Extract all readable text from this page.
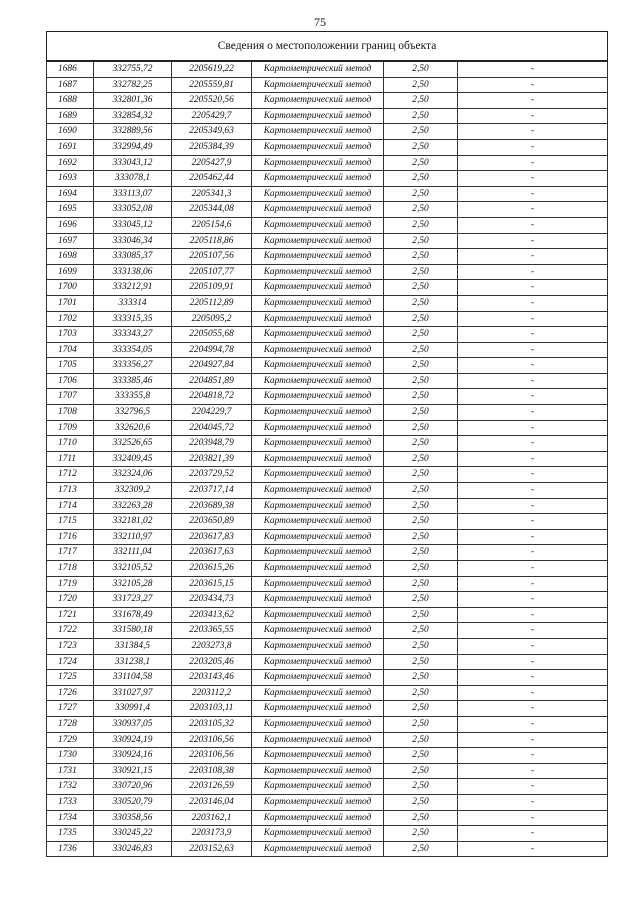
75
Сведения о местоположении границ объекта					
1686	332755,72	2205619,22	Картометрический метод	2,50	-
1687	332782,25	2205559,81	Картометрический метод	2,50	-
1688	332801,36	2205520,56	Картометрический метод	2,50	-
1689	332854,32	2205429,7	Картометрический метод	2,50	-
1690	332889,56	2205349,63	Картометрический метод	2,50	-
1691	332994,49	2205384,39	Картометрический метод	2,50	-
1692	333043,12	2205427,9	Картометрический метод	2,50	-
1693	333078,1	2205462,44	Картометрический метод	2,50	-
1694	333113,07	2205341,3	Картометрический метод	2,50	-
1695	333052,08	2205344,08	Картометрический метод	2,50	-
1696	333045,12	2205154,6	Картометрический метод	2,50	-
1697	333046,34	2205118,86	Картометрический метод	2,50	-
1698	333085,37	2205107,56	Картометрический метод	2,50	-
1699	333138,06	2205107,77	Картометрический метод	2,50	-
1700	333212,91	2205109,91	Картометрический метод	2,50	-
1701	333314	2205112,89	Картометрический метод	2,50	-
1702	333315,35	2205095,2	Картометрический метод	2,50	-
1703	333343,27	2205055,68	Картометрический метод	2,50	-
1704	333354,05	2204994,78	Картометрический метод	2,50	-
1705	333356,27	2204927,84	Картометрический метод	2,50	-
1706	333385,46	2204851,89	Картометрический метод	2,50	-
1707	333355,8	2204818,72	Картометрический метод	2,50	-
1708	332796,5	2204229,7	Картометрический метод	2,50	-
1709	332620,6	2204045,72	Картометрический метод	2,50	-
1710	332526,65	2203948,79	Картометрический метод	2,50	-
1711	332409,45	2203821,39	Картометрический метод	2,50	-
1712	332324,06	2203729,52	Картометрический метод	2,50	-
1713	332309,2	2203717,14	Картометрический метод	2,50	-
1714	332263,28	2203689,38	Картометрический метод	2,50	-
1715	332181,02	2203650,89	Картометрический метод	2,50	-
1716	332110,97	2203617,83	Картометрический метод	2,50	-
1717	332111,04	2203617,63	Картометрический метод	2,50	-
1718	332105,52	2203615,26	Картометрический метод	2,50	-
1719	332105,28	2203615,15	Картометрический метод	2,50	-
1720	331723,27	2203434,73	Картометрический метод	2,50	-
1721	331678,49	2203413,62	Картометрический метод	2,50	-
1722	331580,18	2203365,55	Картометрический метод	2,50	-
1723	331384,5	2203273,8	Картометрический метод	2,50	-
1724	331238,1	2203205,46	Картометрический метод	2,50	-
1725	331104,58	2203143,46	Картометрический метод	2,50	-
1726	331027,97	2203112,2	Картометрический метод	2,50	-
1727	330991,4	2203103,11	Картометрический метод	2,50	-
1728	330937,05	2203105,32	Картометрический метод	2,50	-
1729	330924,19	2203106,56	Картометрический метод	2,50	-
1730	330924,16	2203106,56	Картометрический метод	2,50	-
1731	330921,15	2203108,38	Картометрический метод	2,50	-
1732	330720,96	2203126,59	Картометрический метод	2,50	-
1733	330520,79	2203146,04	Картометрический метод	2,50	-
1734	330358,56	2203162,1	Картометрический метод	2,50	-
1735	330245,22	2203173,9	Картометрический метод	2,50	-
1736	330246,83	2203152,63	Картометрический метод	2,50	-
